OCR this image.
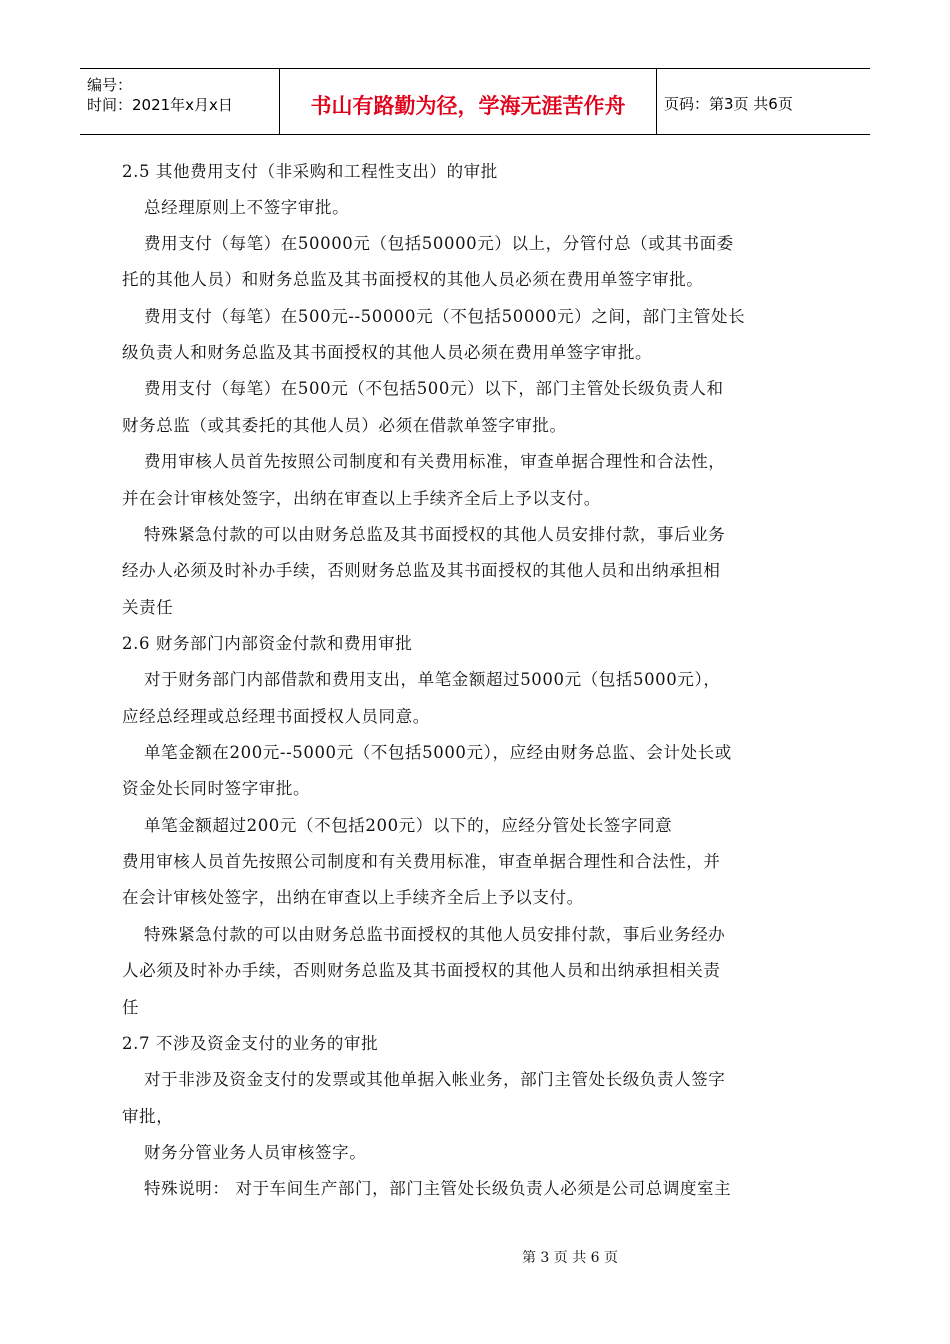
编号：
时间：2021年x月x日	书山有路勤为径，学海无涯苦作舟	页码：第3页 共6页
2.5 其他费用支付（非采购和工程性支出）的审批
总经理原则上不签字审批。
费用支付（每笔）在50000元（包括50000元）以上，分管付总（或其书面委
托的其他人员）和财务总监及其书面授权的其他人员必须在费用单签字审批。
费用支付（每笔）在500元--50000元（不包括50000元）之间，部门主管处长
级负责人和财务总监及其书面授权的其他人员必须在费用单签字审批。
费用支付（每笔）在500元（不包括500元）以下，部门主管处长级负责人和
财务总监（或其委托的其他人员）必须在借款单签字审批。
费用审核人员首先按照公司制度和有关费用标准，审查单据合理性和合法性，
并在会计审核处签字，出纳在审查以上手续齐全后上予以支付。
特殊紧急付款的可以由财务总监及其书面授权的其他人员安排付款，事后业务
经办人必须及时补办手续，否则财务总监及其书面授权的其他人员和出纳承担相
关责任
2.6 财务部门内部资金付款和费用审批
对于财务部门内部借款和费用支出，单笔金额超过5000元（包括5000元），
应经总经理或总经理书面授权人员同意。
单笔金额在200元--5000元（不包括5000元），应经由财务总监、会计处长或
资金处长同时签字审批。
单笔金额超过200元（不包括200元）以下的，应经分管处长签字同意
费用审核人员首先按照公司制度和有关费用标准，审查单据合理性和合法性，并
在会计审核处签字，出纳在审查以上手续齐全后上予以支付。
特殊紧急付款的可以由财务总监书面授权的其他人员安排付款，事后业务经办
人必须及时补办手续，否则财务总监及其书面授权的其他人员和出纳承担相关责
任
2.7 不涉及资金支付的业务的审批
对于非涉及资金支付的发票或其他单据入帐业务，部门主管处长级负责人签字
审批，
财务分管业务人员审核签字。
特殊说明： 对于车间生产部门，部门主管处长级负责人必须是公司总调度室主
第 3 页 共 6 页
